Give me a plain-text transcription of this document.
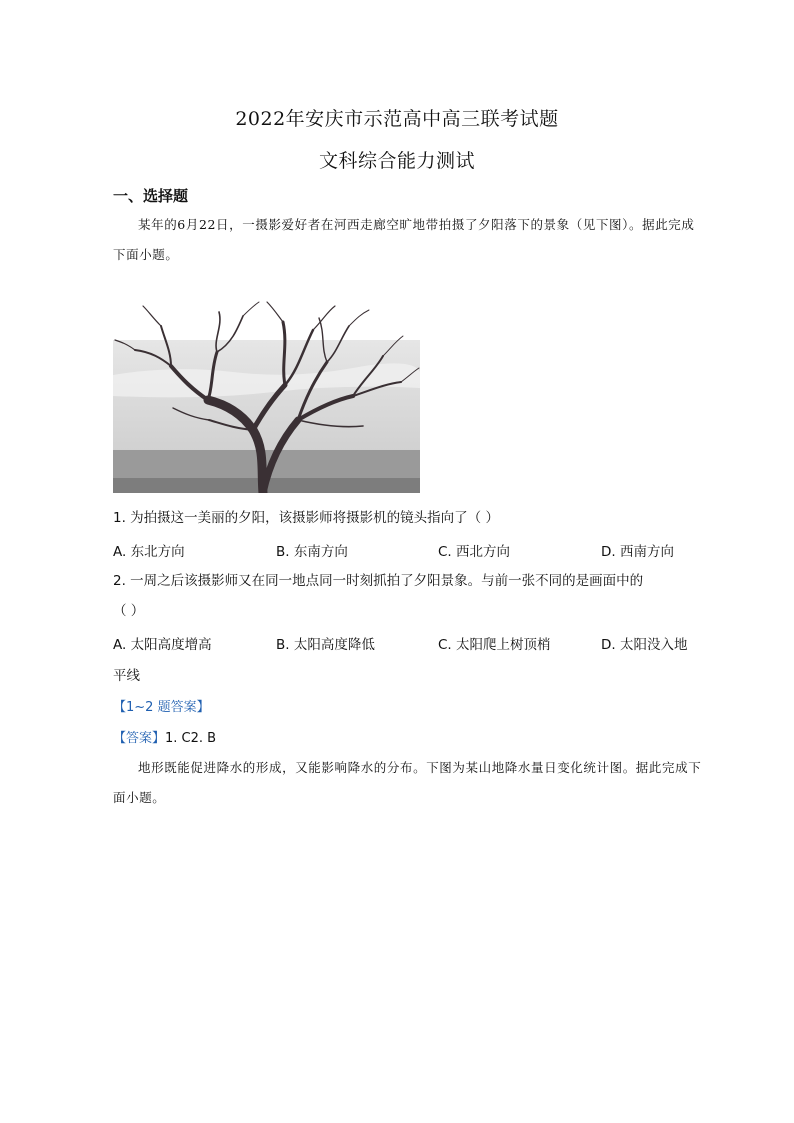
2022年安庆市示范高中高三联考试题
文科综合能力测试
一、选择题
某年的6月22日，一摄影爱好者在河西走廊空旷地带拍摄了夕阳落下的景象（见下图）。据此完成下面小题。
1. 为拍摄这一美丽的夕阳，该摄影师将摄影机的镜头指向了（ ）
A. 东北方向	B. 东南方向	C. 西北方向	D. 西南方向
2. 一周之后该摄影师又在同一地点同一时刻抓拍了夕阳景象。与前一张不同的是画面中的
（ ）
A. 太阳高度增高	B. 太阳高度降低	C. 太阳爬上树顶梢	D. 太阳没入地
平线
【1~2 题答案】
【答案】1. C2. B
地形既能促进降水的形成，又能影响降水的分布。下图为某山地降水量日变化统计图。据此完成下面小题。
